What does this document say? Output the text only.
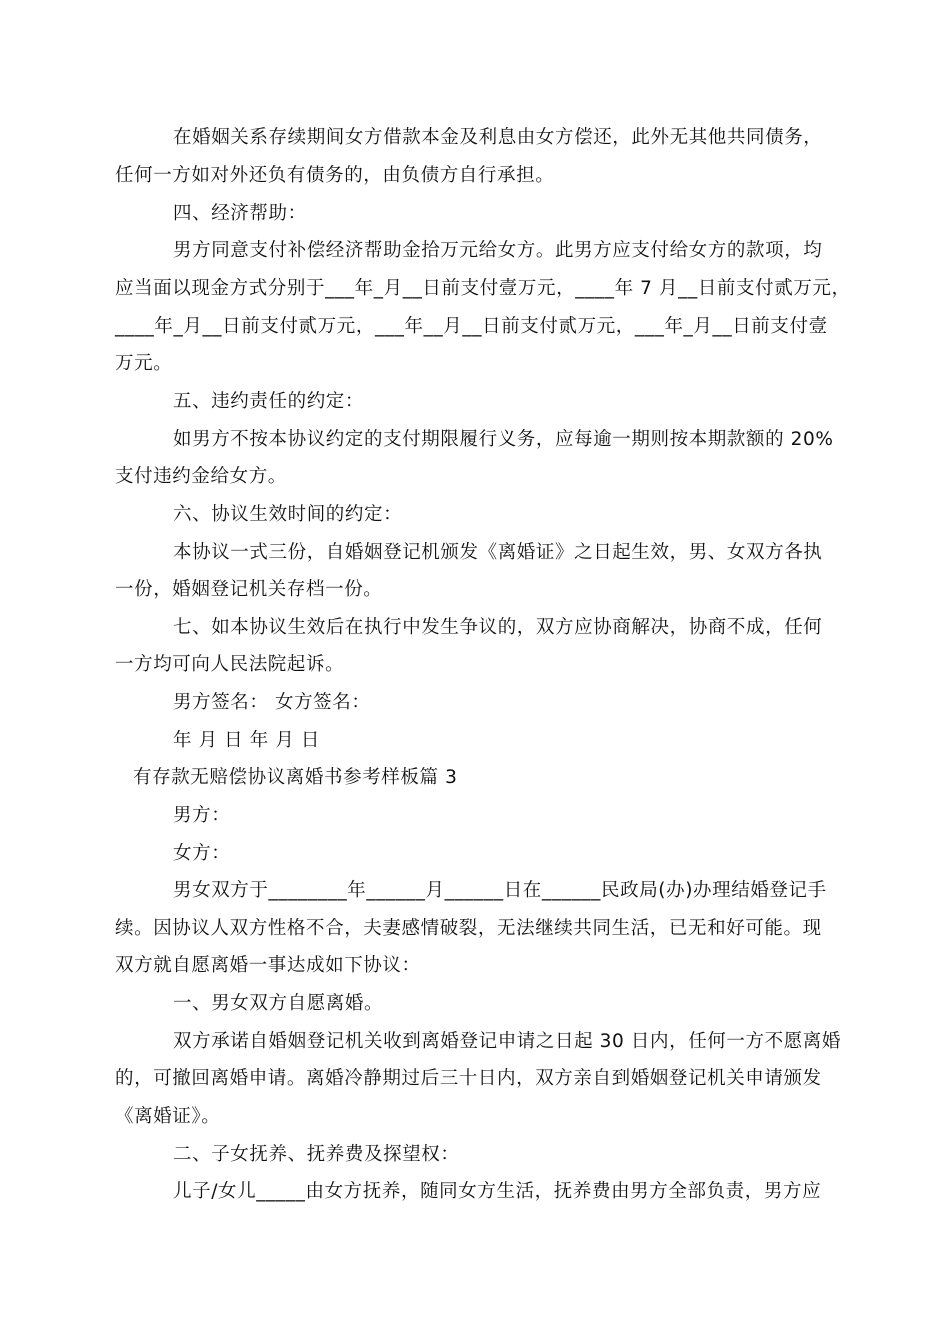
在婚姻关系存续期间女方借款本金及利息由女方偿还，此外无其他共同债务，
任何一方如对外还负有债务的，由负债方自行承担。
四、经济帮助：
男方同意支付补偿经济帮助金拾万元给女方。此男方应支付给女方的款项，均
应当面以现金方式分别于___年_月__日前支付壹万元，____年 7 月__日前支付贰万元，
____年_月__日前支付贰万元，___年__月__日前支付贰万元，___年_月__日前支付壹
万元。
五、违约责任的约定：
如男方不按本协议约定的支付期限履行义务，应每逾一期则按本期款额的 20%
支付违约金给女方。
六、协议生效时间的约定：
本协议一式三份，自婚姻登记机颁发《离婚证》之日起生效，男、女双方各执
一份，婚姻登记机关存档一份。
七、如本协议生效后在执行中发生争议的，双方应协商解决，协商不成，任何
一方均可向人民法院起诉。
男方签名： 女方签名：
年 月 日 年 月 日
有存款无赔偿协议离婚书参考样板篇 3
男方：
女方：
男女双方于________年______月______日在______民政局(办)办理结婚登记手
续。因协议人双方性格不合，夫妻感情破裂，无法继续共同生活，已无和好可能。现
双方就自愿离婚一事达成如下协议：
一、男女双方自愿离婚。
双方承诺自婚姻登记机关收到离婚登记申请之日起 30 日内，任何一方不愿离婚
的，可撤回离婚申请。离婚冷静期过后三十日内，双方亲自到婚姻登记机关申请颁发
《离婚证》。
二、子女抚养、抚养费及探望权：
儿子/女儿_____由女方抚养，随同女方生活，抚养费由男方全部负责，男方应
